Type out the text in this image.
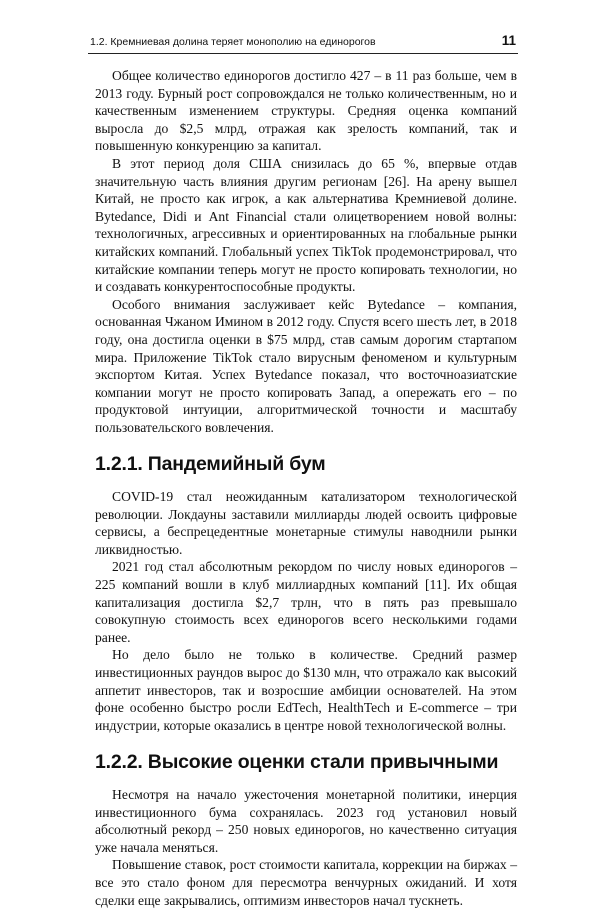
1.2. Кремниевая долина теряет монополию на единорогов	11

Общее количество единорогов достигло 427 – в 11 раз больше, чем в 2013 году. Бурный рост сопровождался не только количественным, но и качественным изменением структуры. Средняя оценка компаний выросла до $2,5 млрд, отражая как зрелость компаний, так и повышенную конкуренцию за капитал.

В этот период доля США снизилась до 65 %, впервые отдав значительную часть влияния другим регионам [26]. На арену вышел Китай, не просто как игрок, а как альтернатива Кремниевой долине. Bytedance, Didi и Ant Financial стали олицетворением новой волны: технологичных, агрессивных и ориентированных на глобальные рынки китайских компаний. Глобальный успех TikTok продемонстрировал, что китайские компании теперь могут не просто копировать технологии, но и создавать конкурентоспособные продукты.

Особого внимания заслуживает кейс Bytedance – компания, основанная Чжаном Имином в 2012 году. Спустя всего шесть лет, в 2018 году, она достигла оценки в $75 млрд, став самым дорогим стартапом мира. Приложение TikTok стало вирусным феноменом и культурным экспортом Китая. Успех Bytedance показал, что восточноазиатские компании могут не просто копировать Запад, а опережать его – по продуктовой интуиции, алгоритмической точности и масштабу пользовательского вовлечения.

1.2.1. Пандемийный бум

COVID-19 стал неожиданным катализатором технологической революции. Локдауны заставили миллиарды людей освоить цифровые сервисы, а беспрецедентные монетарные стимулы наводнили рынки ликвидностью.

2021 год стал абсолютным рекордом по числу новых единорогов – 225 компаний вошли в клуб миллиардных компаний [11]. Их общая капитализация достигла $2,7 трлн, что в пять раз превышало совокупную стоимость всех единорогов всего несколькими годами ранее.

Но дело было не только в количестве. Средний размер инвестиционных раундов вырос до $130 млн, что отражало как высокий аппетит инвесторов, так и возросшие амбиции основателей. На этом фоне особенно быстро росли EdTech, HealthTech и E-commerce – три индустрии, которые оказались в центре новой технологической волны.

1.2.2. Высокие оценки стали привычными

Несмотря на начало ужесточения монетарной политики, инерция инвестиционного бума сохранялась. 2023 год установил новый абсолютный рекорд – 250 новых единорогов, но качественно ситуация уже начала меняться.

Повышение ставок, рост стоимости капитала, коррекции на биржах – все это стало фоном для пересмотра венчурных ожиданий. И хотя сделки еще закрывались, оптимизм инвесторов начал тускнеть.
